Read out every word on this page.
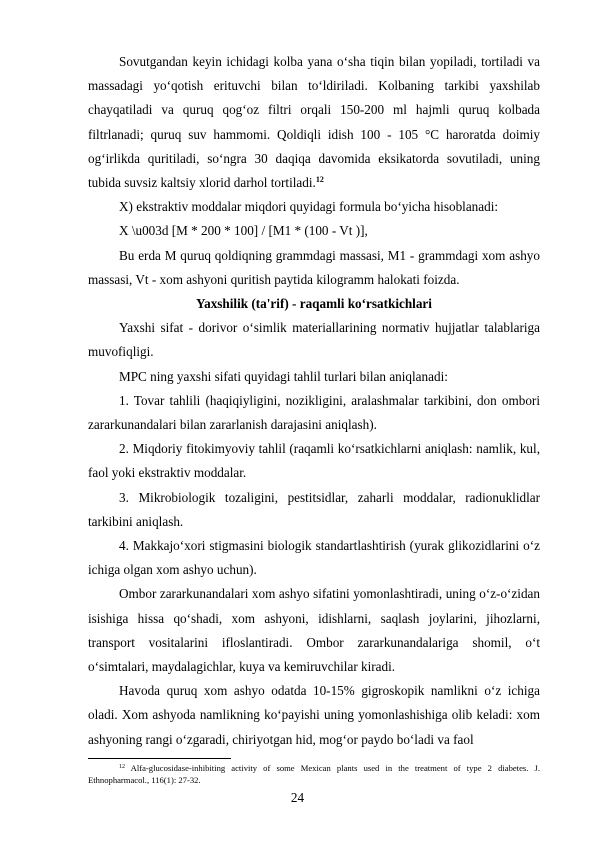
Sovutgandan keyin ichidagi kolba yana o‘sha tiqin bilan yopiladi, tortiladi va massadagi yo‘qotish erituvchi bilan to‘ldiriladi. Kolbaning tarkibi yaxshilab chayqatiladi va quruq qog‘oz filtri orqali 150-200 ml hajmli quruq kolbada filtrlanadi; quruq suv hammomi. Qoldiqli idish 100 - 105 °C haroratda doimiy og‘irlikda quritiladi, so‘ngra 30 daqiqa davomida eksikatorda sovutiladi, uning tubida suvsiz kaltsiy xlorid darhol tortiladi.$^{12}$

X) ekstraktiv moddalar miqdori quyidagi formula bo‘yicha hisoblanadi:

X \u003d [M * 200 * 100] / [M1 * (100 - Vt )],

Bu erda M quruq qoldiqning grammdagi massasi, M1 - grammdagi xom ashyo massasi, Vt - xom ashyoni quritish paytida kilogramm halokati foizda.

Yaxshilik (ta'rif) - raqamli ko‘rsatkichlari

Yaxshi sifat - dorivor o‘simlik materiallarining normativ hujjatlar talablariga muvofiqligi.

MPC ning yaxshi sifati quyidagi tahlil turlari bilan aniqlanadi:

1. Tovar tahlili (haqiqiyligini, nozikligini, aralashmalar tarkibini, don ombori zararkunandalari bilan zararlanish darajasini aniqlash).

2. Miqdoriy fitokimyoviy tahlil (raqamli ko‘rsatkichlarni aniqlash: namlik, kul, faol yoki ekstraktiv moddalar.

3. Mikrobiologik tozaligini, pestitsidlar, zaharli moddalar, radionuklidlar tarkibini aniqlash.

4. Makkajo‘xori stigmasini biologik standartlashtirish (yurak glikozidlarini o‘z ichiga olgan xom ashyo uchun).

Ombor zararkunandalari xom ashyo sifatini yomonlashtiradi, uning o‘z-o‘zidan isishiga hissa qo‘shadi, xom ashyoni, idishlarni, saqlash joylarini, jihozlarni, transport vositalarini ifloslantiradi. Ombor zararkunandalariga shomil, o‘t o‘simtalari, maydalagichlar, kuya va kemiruvchilar kiradi.

Havoda quruq xom ashyo odatda 10-15% gigroskopik namlikni o‘z ichiga oladi. Xom ashyoda namlikning ko‘payishi uning yomonlashishiga olib keladi: xom ashyoning rangi o‘zgaradi, chiriyotgan hid, mog‘or paydo bo‘ladi va faol

$^{12}$ Alfa-glucosidase-inhibiting activity of some Mexican plants used in the treatment of type 2 diabetes. J. Ethnopharmacol., 116(1): 27-32.

24
